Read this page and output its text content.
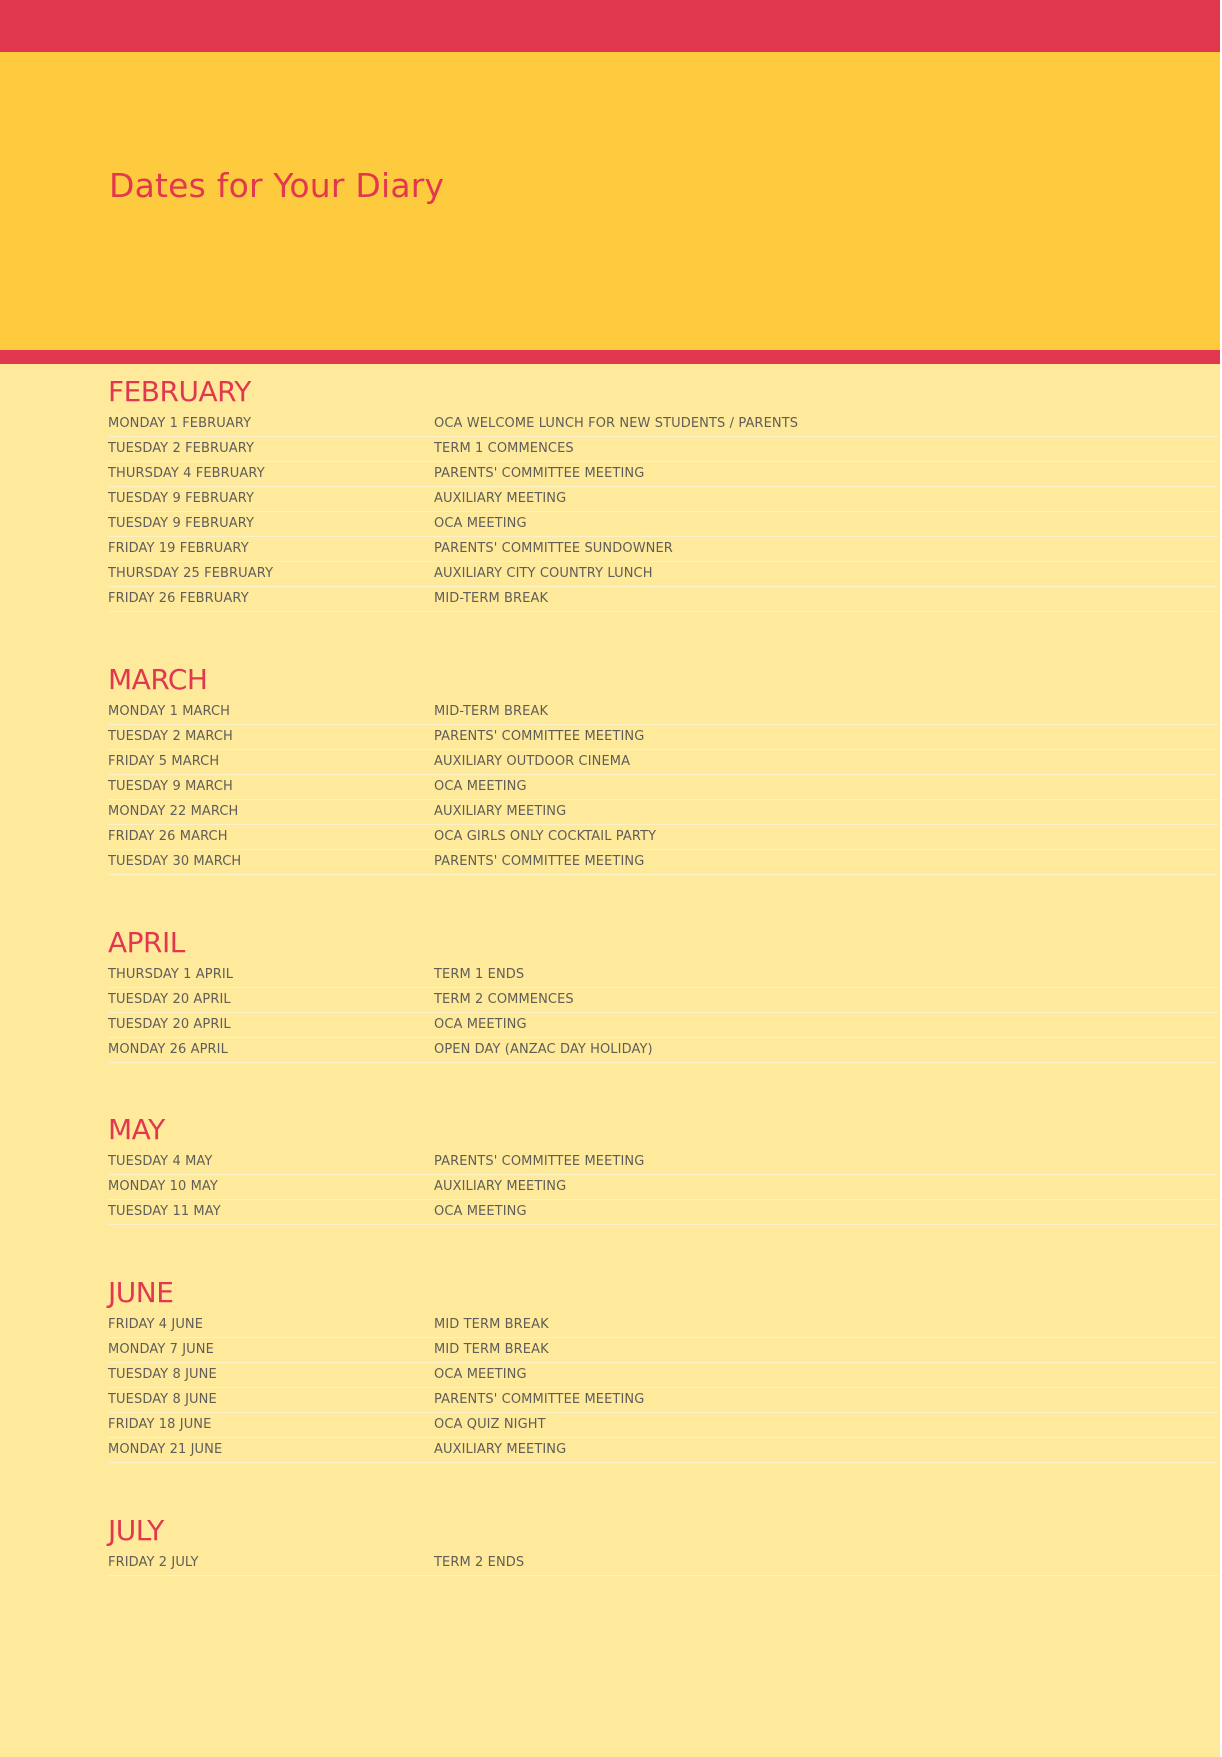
Dates for Your Diary
FEBRUARY
MONDAY 1 FEBRUARY	OCA WELCOME LUNCH FOR NEW STUDENTS / PARENTS
TUESDAY 2 FEBRUARY	TERM 1 COMMENCES
THURSDAY 4 FEBRUARY	PARENTS' COMMITTEE MEETING
TUESDAY 9 FEBRUARY	AUXILIARY MEETING
TUESDAY 9 FEBRUARY	OCA MEETING
FRIDAY 19 FEBRUARY	PARENTS' COMMITTEE SUNDOWNER
THURSDAY 25 FEBRUARY	AUXILIARY CITY COUNTRY LUNCH
FRIDAY 26 FEBRUARY	MID-TERM BREAK
MARCH
MONDAY 1 MARCH	MID-TERM BREAK
TUESDAY 2 MARCH	PARENTS' COMMITTEE MEETING
FRIDAY 5 MARCH	AUXILIARY OUTDOOR CINEMA
TUESDAY 9 MARCH	OCA MEETING
MONDAY 22 MARCH	AUXILIARY MEETING
FRIDAY 26 MARCH	OCA GIRLS ONLY COCKTAIL PARTY
TUESDAY 30 MARCH	PARENTS' COMMITTEE MEETING
APRIL
THURSDAY 1 APRIL	TERM 1 ENDS
TUESDAY 20 APRIL	TERM 2 COMMENCES
TUESDAY 20 APRIL	OCA MEETING
MONDAY 26 APRIL	OPEN DAY (ANZAC DAY HOLIDAY)
MAY
TUESDAY 4 MAY	PARENTS' COMMITTEE MEETING
MONDAY 10 MAY	AUXILIARY MEETING
TUESDAY 11 MAY	OCA MEETING
JUNE
FRIDAY 4 JUNE	MID TERM BREAK
MONDAY 7 JUNE	MID TERM BREAK
TUESDAY 8 JUNE	OCA MEETING
TUESDAY 8 JUNE	PARENTS' COMMITTEE MEETING
FRIDAY 18 JUNE	OCA QUIZ NIGHT
MONDAY 21 JUNE	AUXILIARY MEETING
JULY
FRIDAY 2 JULY	TERM 2 ENDS
